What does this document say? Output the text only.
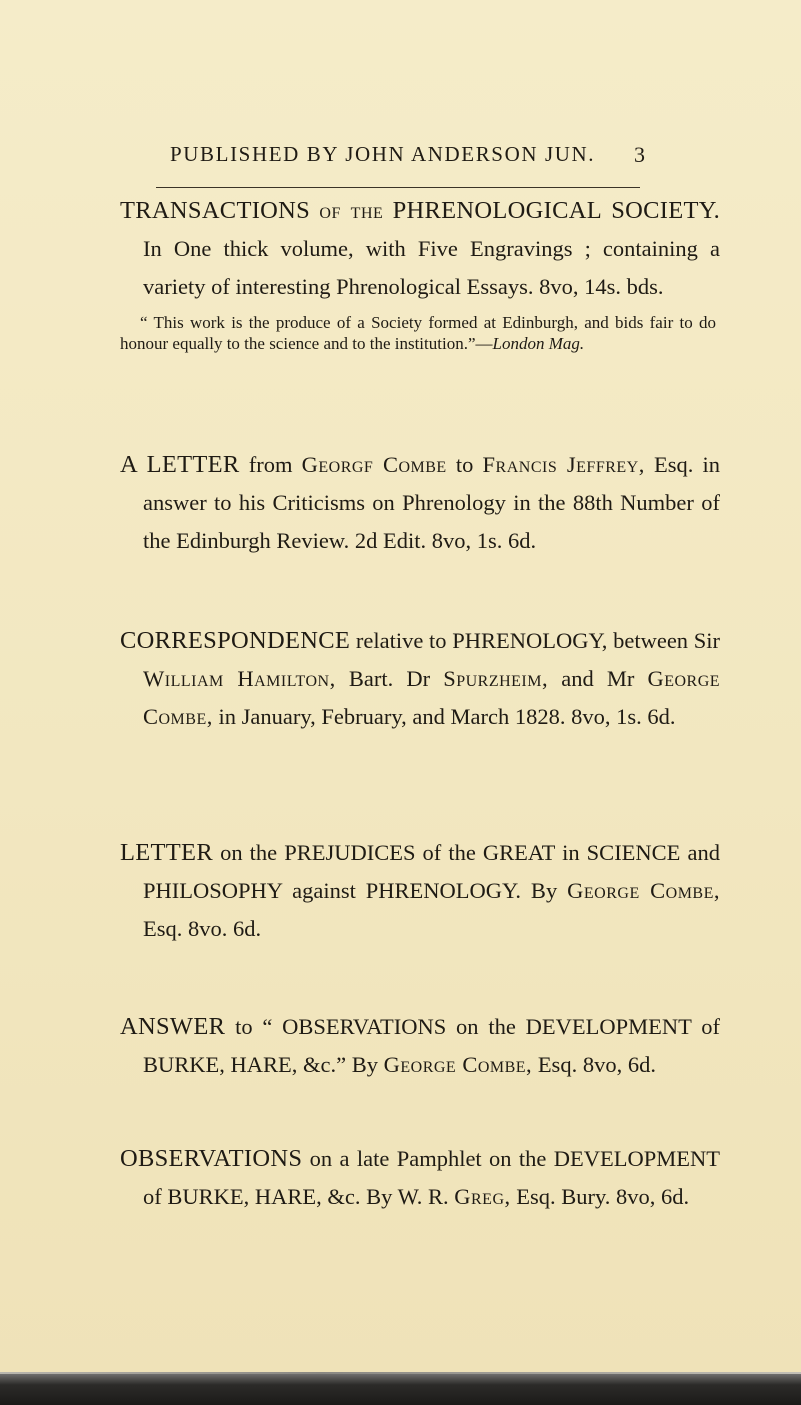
PUBLISHED BY JOHN ANDERSON JUN. 3

TRANSACTIONS of the PHRENOLOGICAL SOCIETY. In One thick volume, with Five Engravings ; containing a variety of interesting Phrenological Essays. 8vo, 14s. bds.

“ This work is the produce of a Society formed at Edinburgh, and bids fair to do honour equally to the science and to the institution.”—London Mag.

A LETTER from Georgf Combe to Francis Jeffrey, Esq. in answer to his Criticisms on Phrenology in the 88th Number of the Edinburgh Review. 2d Edit. 8vo, 1s. 6d.

CORRESPONDENCE relative to PHRENOLOGY, between Sir William Hamilton, Bart. Dr Spurzheim, and Mr George Combe, in January, February, and March 1828. 8vo, 1s. 6d.

LETTER on the PREJUDICES of the GREAT in SCIENCE and PHILOSOPHY against PHRENOLOGY. By George Combe, Esq. 8vo. 6d.

ANSWER to “ OBSERVATIONS on the DEVELOPMENT of BURKE, HARE, &c.” By George Combe, Esq. 8vo, 6d.

OBSERVATIONS on a late Pamphlet on the DEVELOPMENT of BURKE, HARE, &c. By W. R. Greg, Esq. Bury. 8vo, 6d.
